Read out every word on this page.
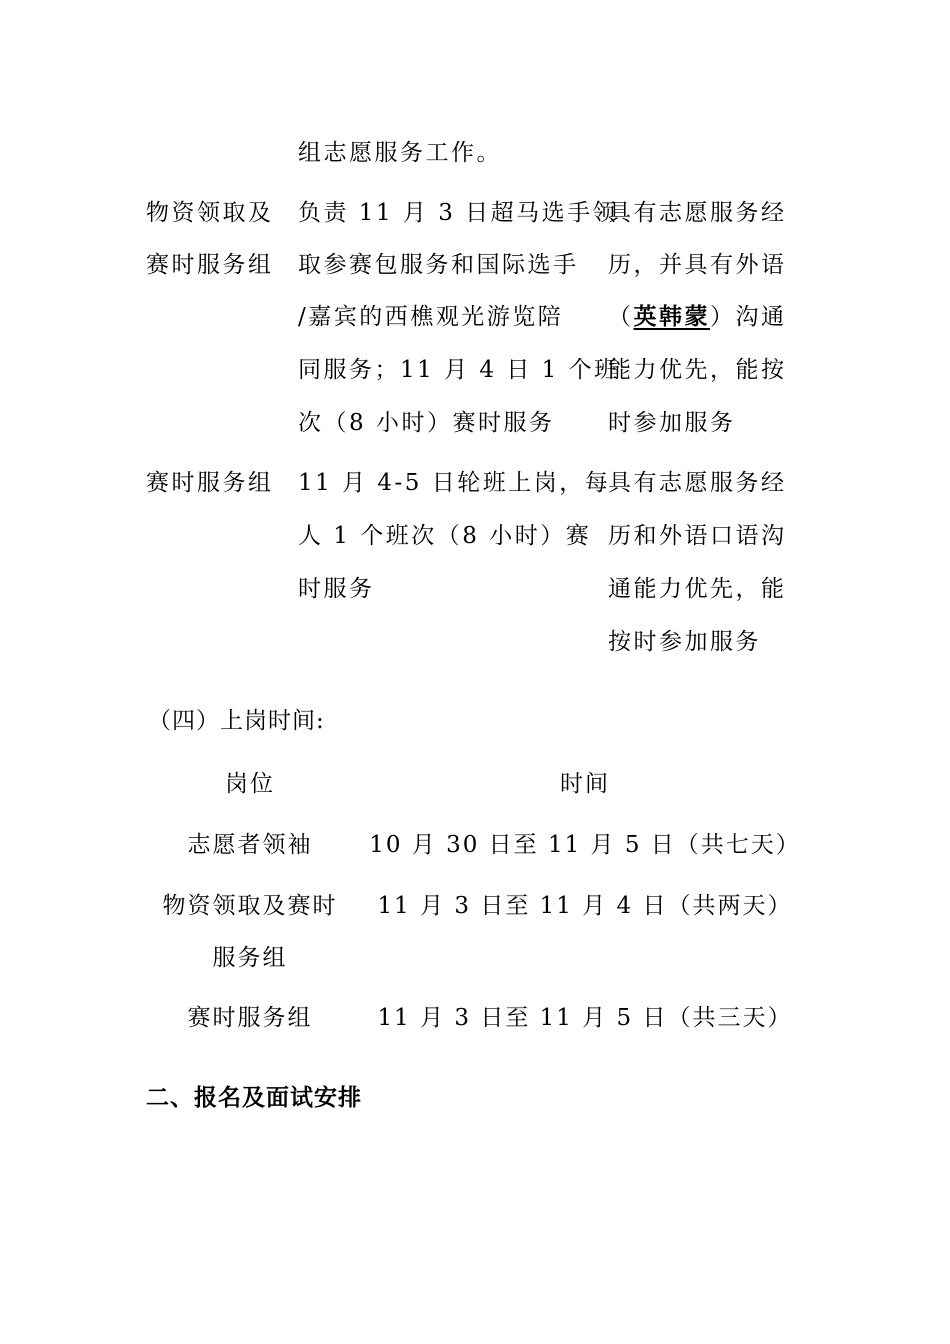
组志愿服务工作。
物资领取及
赛时服务组
负责 11 月 3 日超马选手领
取参赛包服务和国际选手
/嘉宾的西樵观光游览陪
同服务；11 月 4 日 1 个班
次（8 小时）赛时服务
具有志愿服务经
历，并具有外语
（英韩蒙）沟通
能力优先，能按
时参加服务
赛时服务组 11 月 4-5 日轮班上岗，每
人 1 个班次（8 小时）赛
时服务
具有志愿服务经
历和外语口语沟
通能力优先，能
按时参加服务
（四）上岗时间:
岗位	时间
志愿者领袖 10 月 30 日至 11 月 5 日（共七天）
物资领取及赛时
服务组
11 月 3 日至 11 月 4 日（共两天）
赛时服务组	11 月 3 日至 11 月 5 日（共三天）
二、报名及面试安排
